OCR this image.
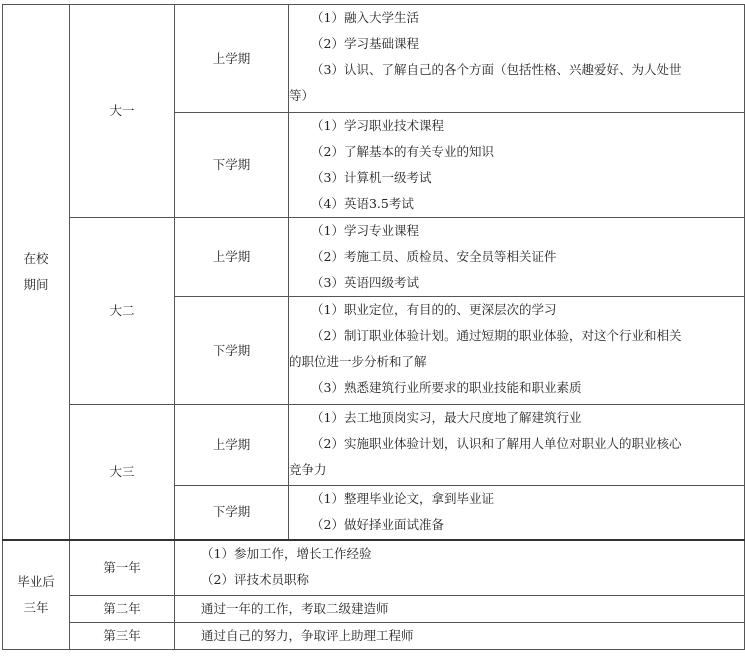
在校期间	大一	上学期	（1）融入大学生活
（2）学习基础课程
（3）认识、了解自己的各个方面（包括性格、兴趣爱好、为人处世
等）

		下学期	（1）学习职业技术课程
（2）了解基本的有关专业的知识
（3）计算机一级考试
（4）英语3.5考试

	大二	上学期	（1）学习专业课程
（2）考施工员、质检员、安全员等相关证件
（3）英语四级考试

		下学期	（1）职业定位，有目的的、更深层次的学习
（2）制订职业体验计划。通过短期的职业体验，对这个行业和相关
的职位进一步分析和了解
（3）熟悉建筑行业所要求的职业技能和职业素质

	大三	上学期	（1）去工地顶岗实习，最大尺度地了解建筑行业
（2）实施职业体验计划，认识和了解用人单位对职业人的职业核心
竞争力

		下学期	（1）整理毕业论文，拿到毕业证
（2）做好择业面试准备

毕业后三年	第一年	（1）参加工作，增长工作经验
（2）评技术员职称	

	第二年	通过一年的工作，考取二级建造师	

	第三年	通过自己的努力，争取评上助理工程师	
